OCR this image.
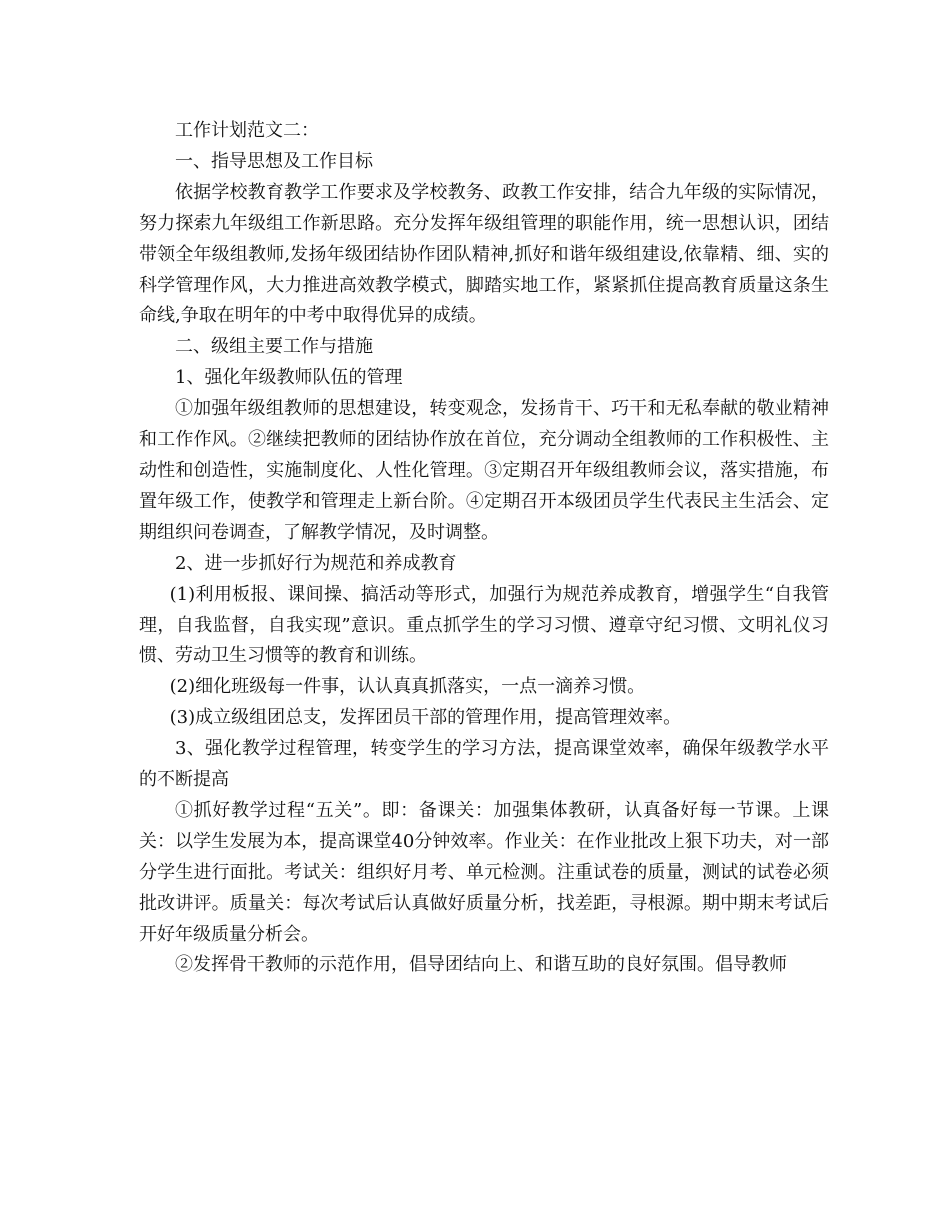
工作计划范文二：

一、指导思想及工作目标

依据学校教育教学工作要求及学校教务、政教工作安排，结合九年级的实际情况，努力探索九年级组工作新思路。充分发挥年级组管理的职能作用，统一思想认识，团结带领全年级组教师,发扬年级团结协作团队精神,抓好和谐年级组建设,依靠精、细、实的科学管理作风，大力推进高效教学模式，脚踏实地工作，紧紧抓住提高教育质量这条生命线,争取在明年的中考中取得优异的成绩。

二、级组主要工作与措施

1、强化年级教师队伍的管理

①加强年级组教师的思想建设，转变观念，发扬肯干、巧干和无私奉献的敬业精神和工作作风。②继续把教师的团结协作放在首位，充分调动全组教师的工作积极性、主动性和创造性，实施制度化、人性化管理。③定期召开年级组教师会议，落实措施，布置年级工作，使教学和管理走上新台阶。④定期召开本级团员学生代表民主生活会、定期组织问卷调查，了解教学情况，及时调整。

2、进一步抓好行为规范和养成教育

(1)利用板报、课间操、搞活动等形式，加强行为规范养成教育，增强学生“自我管理，自我监督，自我实现”意识。重点抓学生的学习习惯、遵章守纪习惯、文明礼仪习惯、劳动卫生习惯等的教育和训练。

(2)细化班级每一件事，认认真真抓落实，一点一滴养习惯。

(3)成立级组团总支，发挥团员干部的管理作用，提高管理效率。

3、强化教学过程管理，转变学生的学习方法，提高课堂效率，确保年级教学水平的不断提高

①抓好教学过程“五关”。即：备课关：加强集体教研，认真备好每一节课。上课关：以学生发展为本，提高课堂40分钟效率。作业关：在作业批改上狠下功夫，对一部分学生进行面批。考试关：组织好月考、单元检测。注重试卷的质量，测试的试卷必须批改讲评。质量关：每次考试后认真做好质量分析，找差距，寻根源。期中期末考试后开好年级质量分析会。

②发挥骨干教师的示范作用，倡导团结向上、和谐互助的良好氛围。倡导教师
